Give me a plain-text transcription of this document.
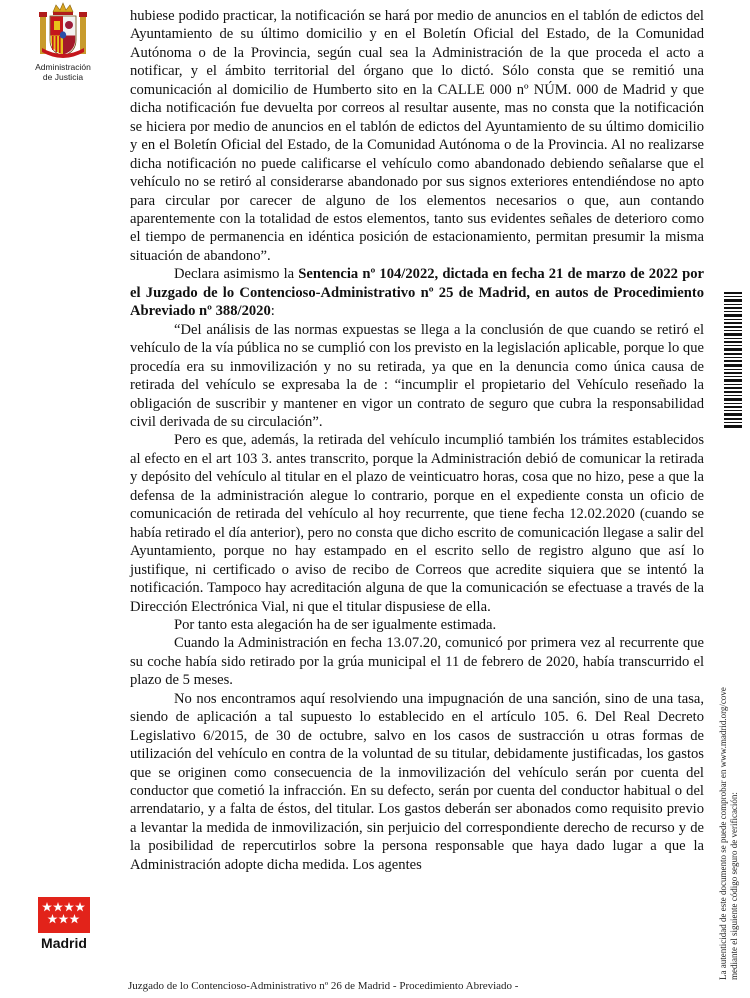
Administración
de Justicia
Madrid

hubiese podido practicar, la notificación se hará por medio de anuncios en el tablón de edictos del Ayuntamiento de su último domicilio y en el Boletín Oficial del Estado, de la Comunidad Autónoma o de la Provincia, según cual sea la Administración de la que proceda el acto a notificar, y el ámbito territorial del órgano que lo dictó. Sólo consta que se remitió una comunicación al domicilio de Humberto sito en la CALLE 000 nº NÚM. 000 de Madrid y que dicha notificación fue devuelta por correos al resultar ausente, mas no consta que la notificación se hiciera por medio de anuncios en el tablón de edictos del Ayuntamiento de su último domicilio y en el Boletín Oficial del Estado, de la Comunidad Autónoma o de la Provincia. Al no realizarse dicha notificación no puede calificarse el vehículo como abandonado debiendo señalarse que el vehículo no se retiró al considerarse abandonado por sus signos exteriores entendiéndose no apto para circular por carecer de alguno de los elementos necesarios o que, aun contando aparentemente con la totalidad de estos elementos, tanto sus evidentes señales de deterioro como el tiempo de permanencia en idéntica posición de estacionamiento, permitan presumir la misma situación de abandono”.

Declara asimismo la Sentencia nº 104/2022, dictada en fecha 21 de marzo de 2022 por el Juzgado de lo Contencioso-Administrativo nº 25 de Madrid, en autos de Procedimiento Abreviado nº 388/2020:

“Del análisis de las normas expuestas se llega a la conclusión de que cuando se retiró el vehículo de la vía pública no se cumplió con los previsto en la legislación aplicable, porque lo que procedía era su inmovilización y no su retirada, ya que en la denuncia como única causa de retirada del vehículo se expresaba la de : “incumplir el propietario del Vehículo reseñado la obligación de suscribir y mantener en vigor un contrato de seguro que cubra la responsabilidad civil derivada de su circulación”.

Pero es que, además, la retirada del vehículo incumplió también los trámites establecidos al efecto en el art 103 3. antes transcrito, porque la Administración debió de comunicar la retirada y depósito del vehículo al titular en el plazo de veinticuatro horas, cosa que no hizo, pese a que la defensa de la administración alegue lo contrario, porque en el expediente consta un oficio de comunicación de retirada del vehículo al hoy recurrente, que tiene fecha 12.02.2020 (cuando se había retirado el día anterior), pero no consta que dicho escrito de comunicación llegase a salir del Ayuntamiento, porque no hay estampado en el escrito sello de registro alguno que así lo justifique, ni certificado o aviso de recibo de Correos que acredite siquiera que se intentó la notificación. Tampoco hay acreditación alguna de que la comunicación se efectuase a través de la Dirección Electrónica Vial, ni que el titular dispusiese de ella.

Por tanto esta alegación ha de ser igualmente estimada.

Cuando la Administración en fecha 13.07.20, comunicó por primera vez al recurrente que su coche había sido retirado por la grúa municipal el 11 de febrero de 2020, había transcurrido el plazo de 5 meses.

No nos encontramos aquí resolviendo una impugnación de una sanción, sino de una tasa, siendo de aplicación a tal supuesto lo establecido en el artículo 105. 6. Del Real Decreto Legislativo 6/2015, de 30 de octubre, salvo en los casos de sustracción u otras formas de utilización del vehículo en contra de la voluntad de su titular, debidamente justificadas, los gastos que se originen como consecuencia de la inmovilización del vehículo serán por cuenta del conductor que cometió la infracción. En su defecto, serán por cuenta del conductor habitual o del arrendatario, y a falta de éstos, del titular. Los gastos deberán ser abonados como requisito previo a levantar la medida de inmovilización, sin perjuicio del correspondiente derecho de recurso y de la posibilidad de repercutirlos sobre la persona responsable que haya dado lugar a que la Administración adopte dicha medida. Los agentes	La autenticidad de este documento se puede comprobar en www.madrid.org/cove mediante el siguiente código seguro de verificación:
Juzgado de lo Contencioso-Administrativo nº 26 de Madrid - Procedimiento Abreviado -
